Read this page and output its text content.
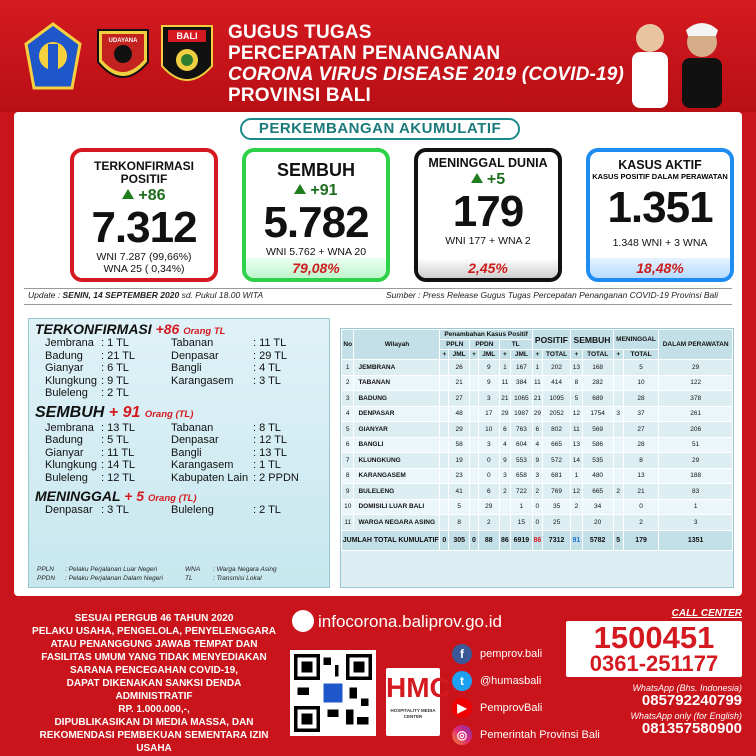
UDAYANA	BALI GUGUS TUGAS
PERCEPATAN PENANGANAN
CORONA VIRUS DISEASE 2019 (COVID-19)
PROVINSI BALI
PERKEMBANGAN AKUMULATIF
TERKONFIRMASI POSITIF
+86
7.312
WNI 7.287 (99,66%)
WNA 25 ( 0,34%)
SEMBUH
+91
5.782
WNI 5.762 + WNA 20
79,08%
MENINGGAL DUNIA
+5
179
WNI 177 + WNA 2
2,45%
KASUS AKTIF
KASUS POSITIF DALAM PERAWATAN
1.351
1.348 WNI + 3 WNA
18,48%
Update : SENIN, 14 SEPTEMBER 2020 sd. Pukul 18.00 WITA	Sumber : Press Release Gugus Tugas Percepatan Penanganan COVID-19 Provinsi Bali
TERKONFIRMASI +86 Orang TL
Jembrana : 1 TL	Tabanan	: 11 TL
Badung	: 21 TL	Denpasar	: 29 TL
Gianyar	: 6 TL	Bangli	: 4 TL
Klungkung : 9 TL	Karangasem	: 3 TL
Buleleng	: 2 TL
SEMBUH + 91 Orang (TL)
Jembrana : 13 TL	Tabanan	: 8 TL
Badung	: 5 TL	Denpasar	: 12 TL
Gianyar	: 11 TL	Bangli	: 13 TL
Klungkung : 14 TL	Karangasem	: 1 TL
Buleleng	: 12 TL	Kabupaten Lain : 2 PPDN
MENINGGAL + 5 Orang (TL)
Denpasar : 3 TL	Buleleng	: 2 TL
PPLN	: Pelaku Perjalanan Luar Negeri	WNA	: Warga Negara Asing
PPDN	: Pelaku Perjalanan Dalam Negeri	TL	: Transmisi Lokal
No	Wilayah	Penambahan Kasus Positif						POSITIF		SEMBUH		MENINGGAL		DALAM PERAWATAN
		PPLN		PPDN		TL								
		+	JML	+	JML	+	JML	+	TOTAL	+	TOTAL	+	TOTAL	
1	JEMBRANA		26		9	1	167	1	202	13	168		5	29
2	TABANAN		21		9	11	384	11	414	8	282		10	122
3	BADUNG		27		3	21	1065	21	1095	5	689		28	378
4	DENPASAR		48		17	29	1987	29	2052	12	1754	3	37	261
5	GIANYAR		29		10	6	763	6	802	11	569		27	206
6	BANGLI		58		3	4	604	4	665	13	586		28	51
7	KLUNGKUNG		19		0	9	553	9	572	14	535		8	29
8	KARANGASEM		23		0	3	658	3	681	1	480		13	188
9	BULELENG		41		6	2	722	2	769	12	665	2	21	83
10	DOMISILI LUAR BALI		5		29		1	0	35	2	34		0	1
11	WARGA NEGARA ASING		8		2		15	0	25		20		2	3
JUMLAH TOTAL KUMULATIF		0	305	0	88	86	6919	86	7312	91	5782	5	179	1351
SESUAI PERGUB 46 TAHUN 2020
PELAKU USAHA, PENGELOLA, PENYELENGGARA
ATAU PENANGGUNG JAWAB TEMPAT DAN
FASILITAS UMUM YANG TIDAK MENYEDIAKAN
SARANA PENCEGAHAN COVID-19,
DAPAT DIKENAKAN SANKSI DENDA ADMINISTRATIF
RP. 1.000.000,-,
DIPUBLIKASIKAN DI MEDIA MASSA, DAN
REKOMENDASI PEMBEKUAN SEMENTARA IZIN USAHA
infocorona.baliprov.go.id
HMC
HOSPITALITY MEDIA CENTER
f	pemprov.bali
t	@humasbali
▶	PemprovBali
◎	Pemerintah Provinsi Bali
CALL CENTER
1500451
0361-251177
WhatsApp (Bhs. Indonesia)
085792240799
WhatsApp only (for English)
081357580900
